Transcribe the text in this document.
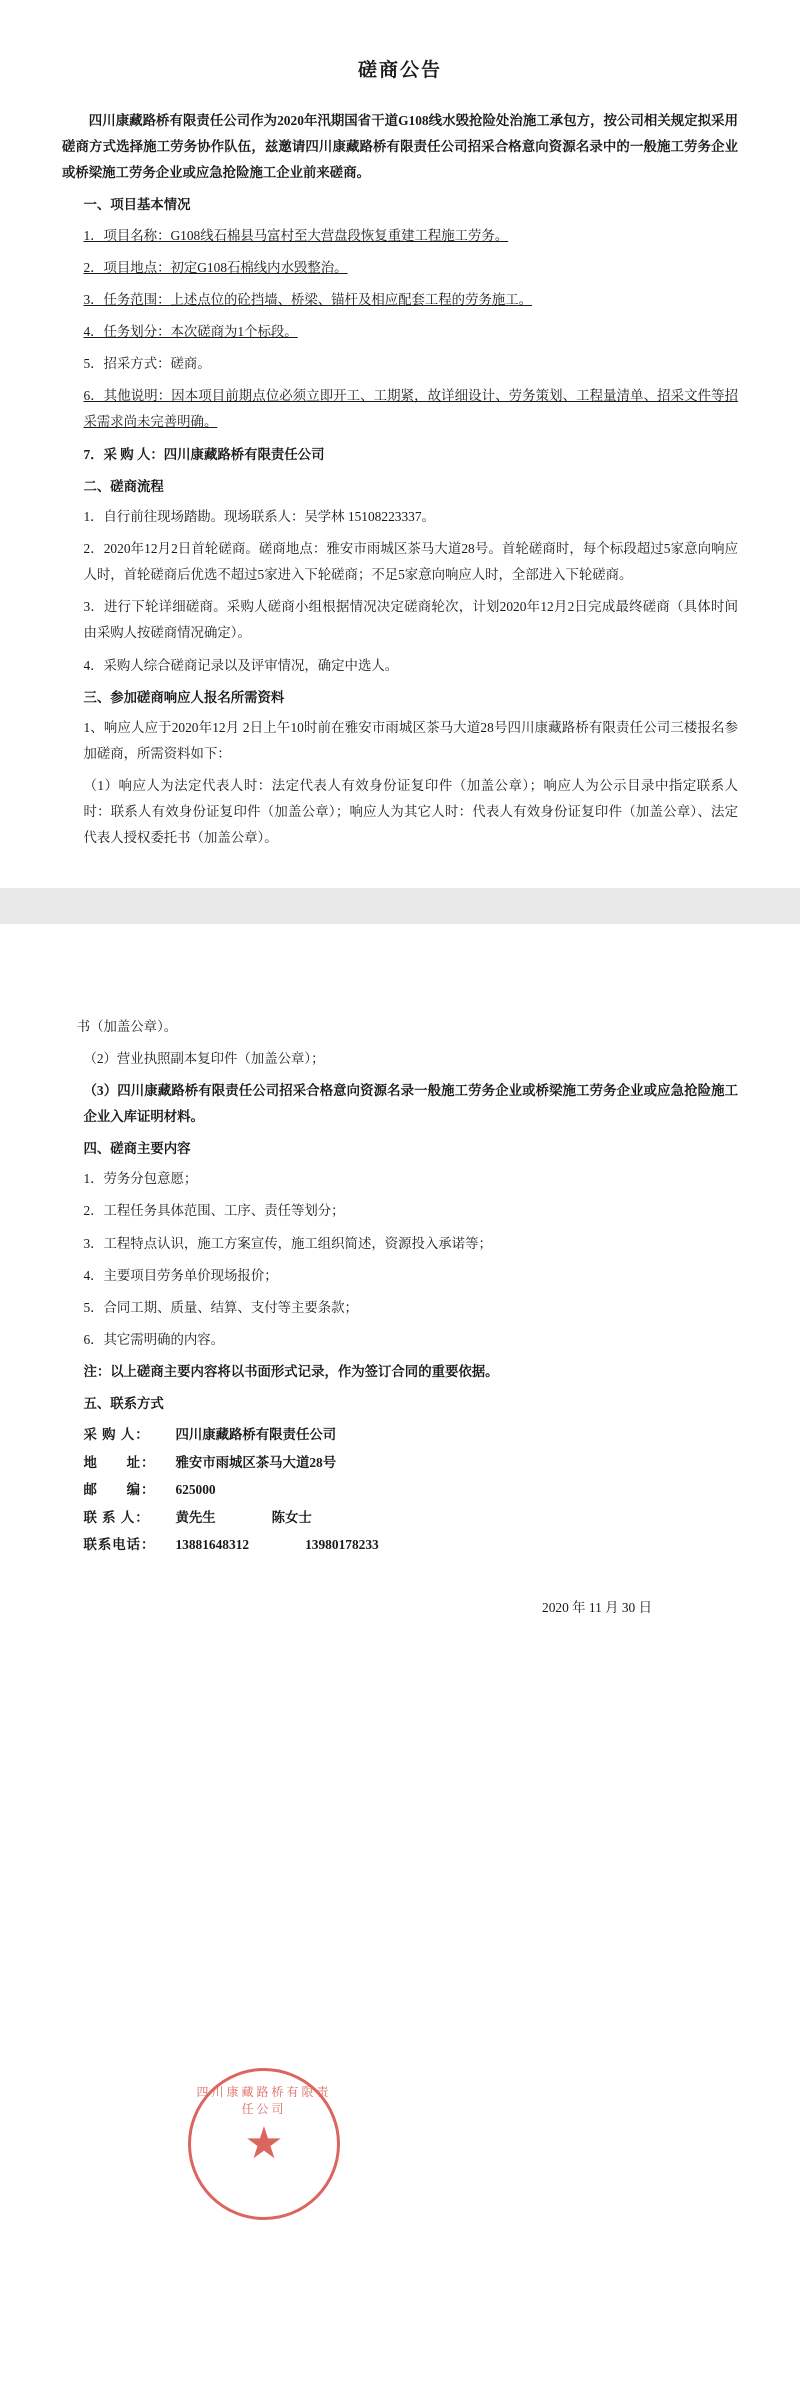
磋商公告

四川康藏路桥有限责任公司作为2020年汛期国省干道G108线水毁抢险处治施工承包方，按公司相关规定拟采用磋商方式选择施工劳务协作队伍，兹邀请四川康藏路桥有限责任公司招采合格意向资源名录中的一般施工劳务企业或桥梁施工劳务企业或应急抢险施工企业前来磋商。

一、项目基本情况

1．项目名称：G108线石棉县马富村至大营盘段恢复重建工程施工劳务。

2．项目地点：初定G108石棉线内水毁整治。

3．任务范围：上述点位的砼挡墙、桥梁、锚杆及相应配套工程的劳务施工。

4．任务划分：本次磋商为1个标段。

5．招采方式：磋商。

6．其他说明：因本项目前期点位必须立即开工、工期紧，故详细设计、劳务策划、工程量清单、招采文件等招采需求尚未完善明确。

7．采 购 人：四川康藏路桥有限责任公司

二、磋商流程

1．自行前往现场踏勘。现场联系人：吴学林 15108223337。

2．2020年12月2日首轮磋商。磋商地点：雅安市雨城区茶马大道28号。首轮磋商时，每个标段超过5家意向响应人时，首轮磋商后优选不超过5家进入下轮磋商；不足5家意向响应人时，全部进入下轮磋商。

3．进行下轮详细磋商。采购人磋商小组根据情况决定磋商轮次，计划2020年12月2日完成最终磋商（具体时间由采购人按磋商情况确定）。

4．采购人综合磋商记录以及评审情况，确定中选人。

三、参加磋商响应人报名所需资料

1、响应人应于2020年12月 2日上午10时前在雅安市雨城区茶马大道28号四川康藏路桥有限责任公司三楼报名参加磋商，所需资料如下：

（1）响应人为法定代表人时：法定代表人有效身份证复印件（加盖公章）；响应人为公示目录中指定联系人时：联系人有效身份证复印件（加盖公章）；响应人为其它人时：代表人有效身份证复印件（加盖公章）、法定代表人授权委托书（加盖公章）。

书（加盖公章）。

（2）营业执照副本复印件（加盖公章）；

（3）四川康藏路桥有限责任公司招采合格意向资源名录一般施工劳务企业或桥梁施工劳务企业或应急抢险施工企业入库证明材料。

四、磋商主要内容

1．劳务分包意愿；

2．工程任务具体范围、工序、责任等划分；

3．工程特点认识，施工方案宣传，施工组织简述，资源投入承诺等；

4．主要项目劳务单价现场报价；

5．合同工期、质量、结算、支付等主要条款；

6．其它需明确的内容。

注：以上磋商主要内容将以书面形式记录，作为签订合同的重要依据。

五、联系方式

采 购 人：	四川康藏路桥有限责任公司
地　　址：	雅安市雨城区茶马大道28号
邮　　编：	625000
联 系 人：	黄先生	陈女士
联系电话：	13881648312	13980178233

2020 年 11 月 30 日

四川康藏路桥有限责任公司
★
